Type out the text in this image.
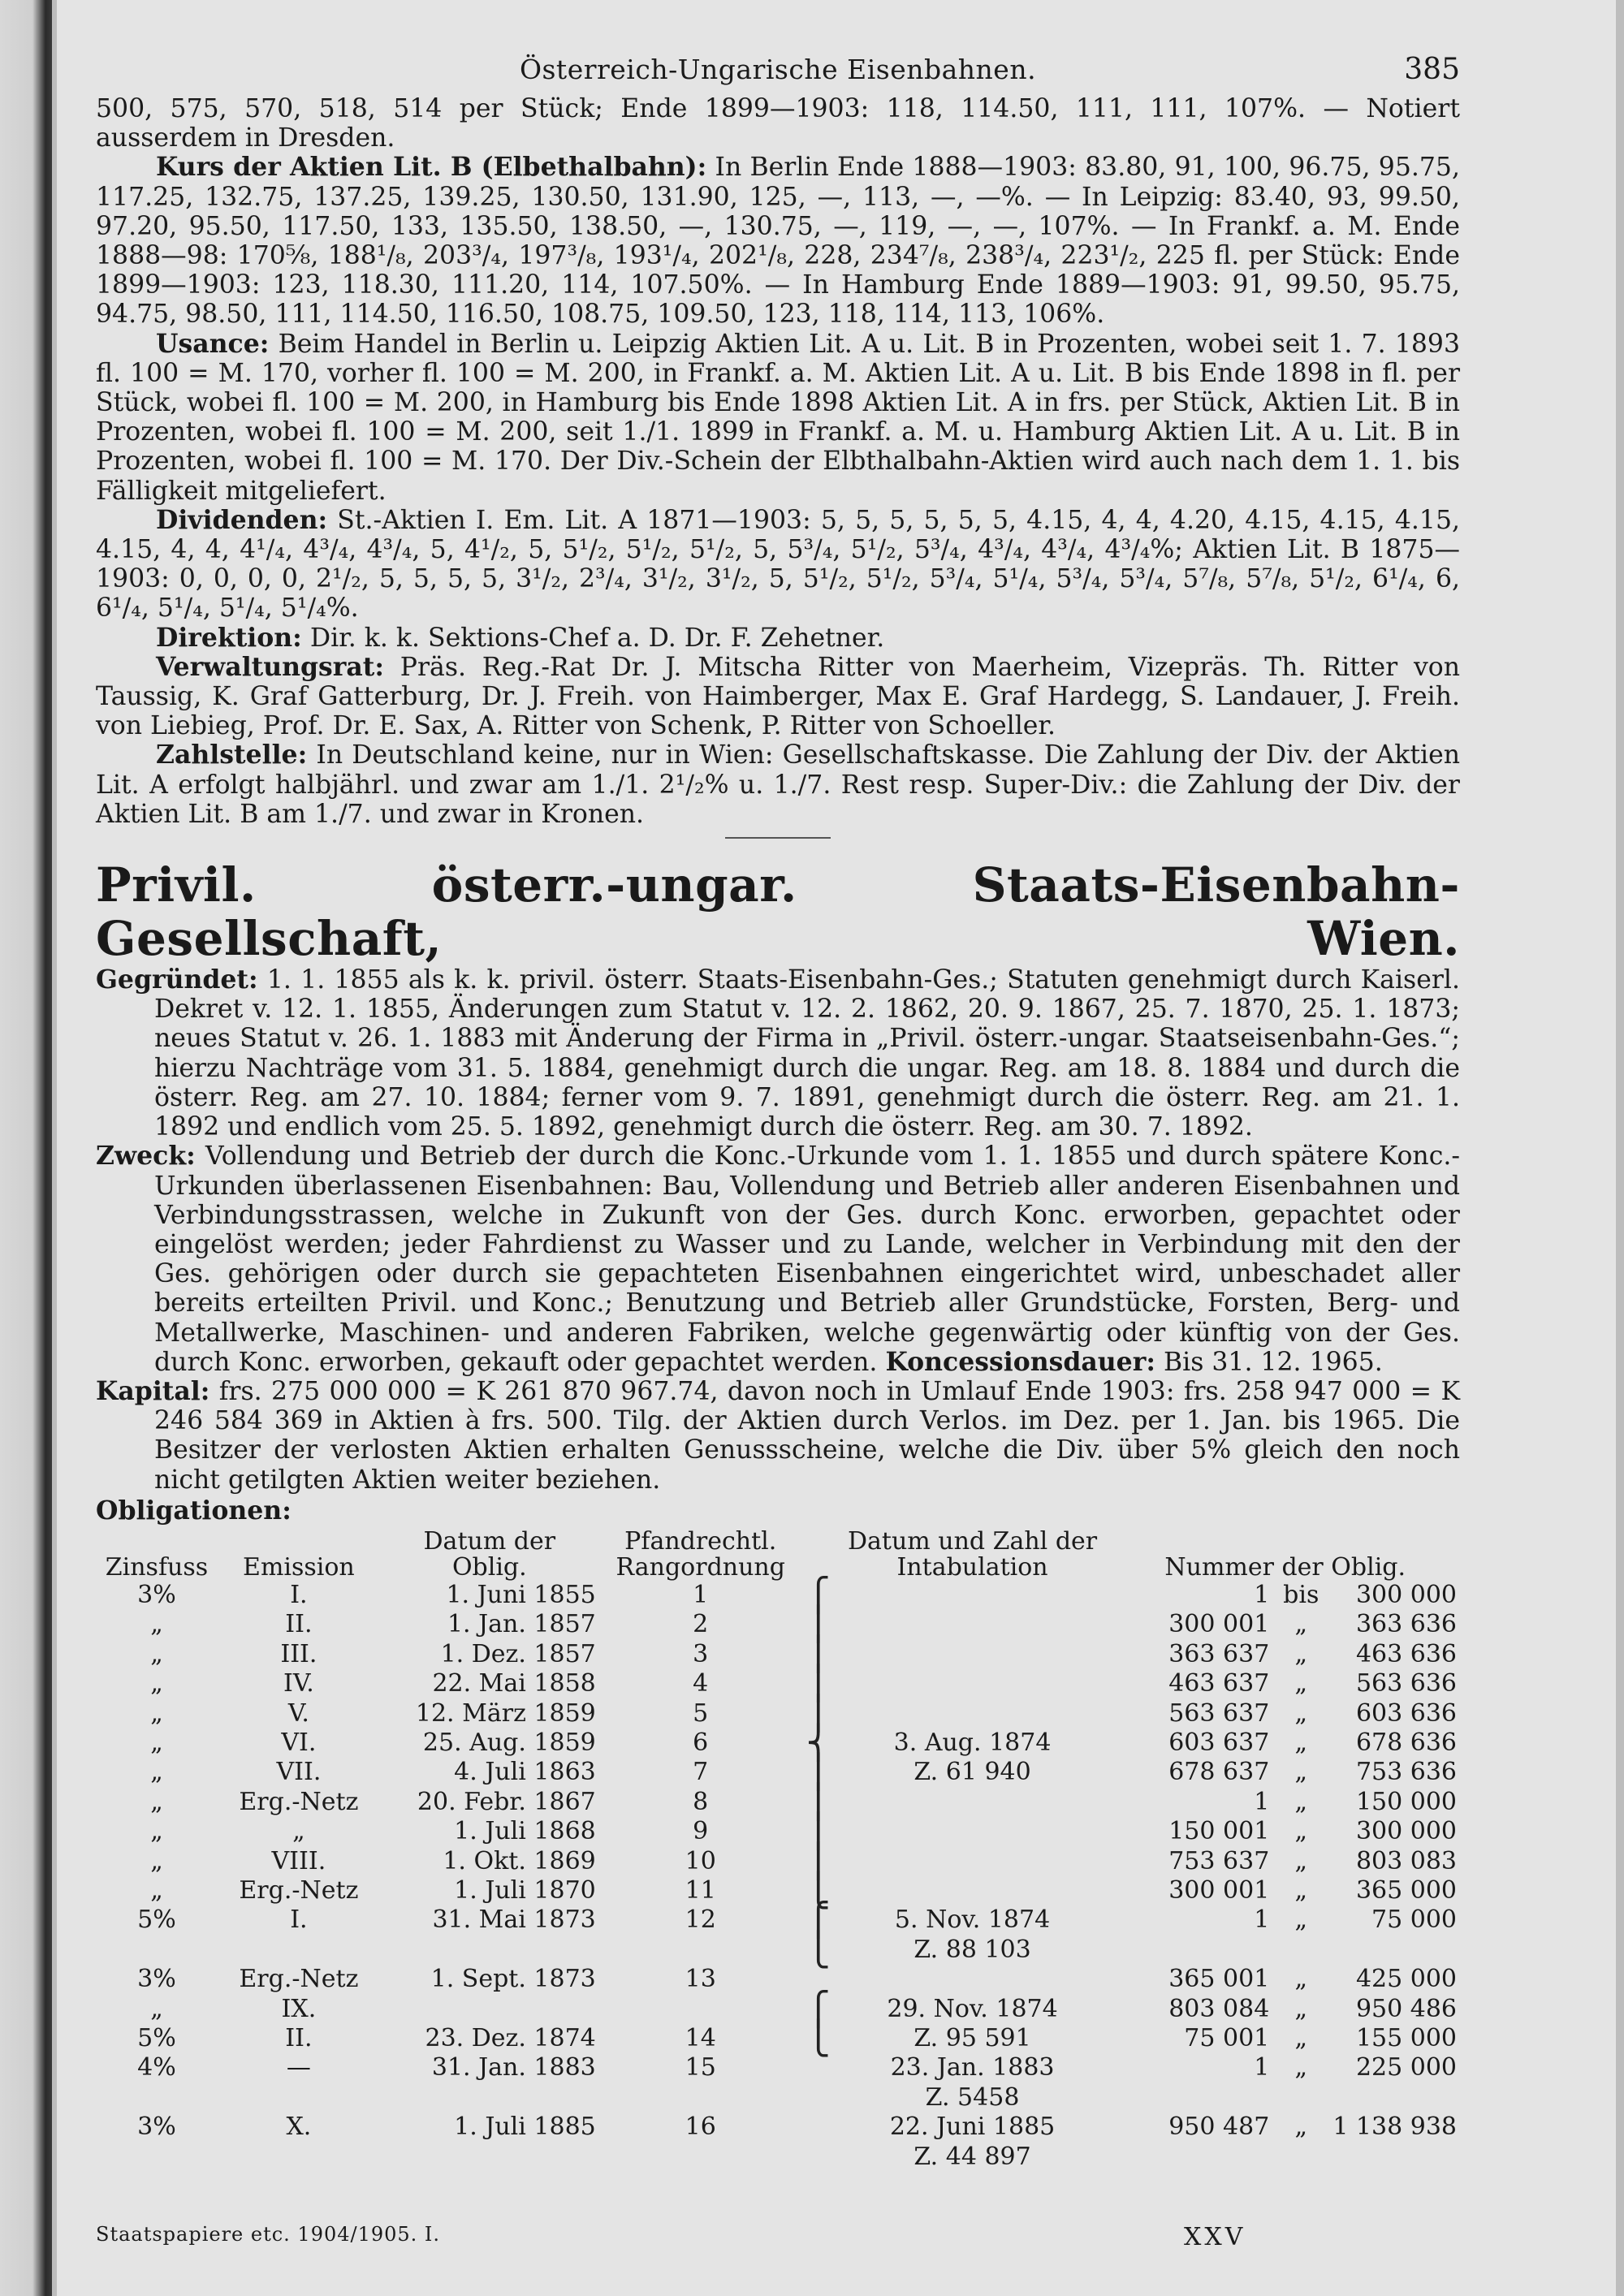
Österreich-Ungarische Eisenbahnen.	385

500, 575, 570, 518, 514 per Stück; Ende 1899—1903: 118, 114.50, 111, 111, 107%. — Notiert ausserdem in Dresden.

Kurs der Aktien Lit. B (Elbethalbahn): In Berlin Ende 1888—1903: 83.80, 91, 100, 96.75, 95.75, 117.25, 132.75, 137.25, 139.25, 130.50, 131.90, 125, —, 113, —, —%. — In Leipzig: 83.40, 93, 99.50, 97.20, 95.50, 117.50, 133, 135.50, 138.50, —, 130.75, —, 119, —, —, 107%. — In Frankf. a. M. Ende 1888—98: 170⅝, 188¹/₈, 203³/₄, 197³/₈, 193¹/₄, 202¹/₈, 228, 234⁷/₈, 238³/₄, 223¹/₂, 225 fl. per Stück: Ende 1899—1903: 123, 118.30, 111.20, 114, 107.50%. — In Hamburg Ende 1889—1903: 91, 99.50, 95.75, 94.75, 98.50, 111, 114.50, 116.50, 108.75, 109.50, 123, 118, 114, 113, 106%.

Usance: Beim Handel in Berlin u. Leipzig Aktien Lit. A u. Lit. B in Prozenten, wobei seit 1. 7. 1893 fl. 100 = M. 170, vorher fl. 100 = M. 200, in Frankf. a. M. Aktien Lit. A u. Lit. B bis Ende 1898 in fl. per Stück, wobei fl. 100 = M. 200, in Hamburg bis Ende 1898 Aktien Lit. A in frs. per Stück, Aktien Lit. B in Prozenten, wobei fl. 100 = M. 200, seit 1./1. 1899 in Frankf. a. M. u. Hamburg Aktien Lit. A u. Lit. B in Prozenten, wobei fl. 100 = M. 170. Der Div.-Schein der Elbthalbahn-Aktien wird auch nach dem 1. 1. bis Fälligkeit mitgeliefert.

Dividenden: St.-Aktien I. Em. Lit. A 1871—1903: 5, 5, 5, 5, 5, 5, 4.15, 4, 4, 4.20, 4.15, 4.15, 4.15, 4.15, 4, 4, 4¹/₄, 4³/₄, 4³/₄, 5, 4¹/₂, 5, 5¹/₂, 5¹/₂, 5¹/₂, 5, 5³/₄, 5¹/₂, 5³/₄, 4³/₄, 4³/₄, 4³/₄%; Aktien Lit. B 1875—1903: 0, 0, 0, 0, 2¹/₂, 5, 5, 5, 5, 3¹/₂, 2³/₄, 3¹/₂, 3¹/₂, 5, 5¹/₂, 5¹/₂, 5³/₄, 5¹/₄, 5³/₄, 5³/₄, 5⁷/₈, 5⁷/₈, 5¹/₂, 6¹/₄, 6, 6¹/₄, 5¹/₄, 5¹/₄, 5¹/₄%.

Direktion: Dir. k. k. Sektions-Chef a. D. Dr. F. Zehetner.

Verwaltungsrat: Präs. Reg.-Rat Dr. J. Mitscha Ritter von Maerheim, Vizepräs. Th. Ritter von Taussig, K. Graf Gatterburg, Dr. J. Freih. von Haimberger, Max E. Graf Hardegg, S. Landauer, J. Freih. von Liebieg, Prof. Dr. E. Sax, A. Ritter von Schenk, P. Ritter von Schoeller.

Zahlstelle: In Deutschland keine, nur in Wien: Gesellschaftskasse. Die Zahlung der Div. der Aktien Lit. A erfolgt halbjährl. und zwar am 1./1. 2¹/₂% u. 1./7. Rest resp. Super-Div.: die Zahlung der Div. der Aktien Lit. B am 1./7. und zwar in Kronen.

Privil. österr.-ungar. Staats-Eisenbahn-Gesellschaft, Wien.

Gegründet: 1. 1. 1855 als k. k. privil. österr. Staats-Eisenbahn-Ges.; Statuten genehmigt durch Kaiserl. Dekret v. 12. 1. 1855, Änderungen zum Statut v. 12. 2. 1862, 20. 9. 1867, 25. 7. 1870, 25. 1. 1873; neues Statut v. 26. 1. 1883 mit Änderung der Firma in „Privil. österr.-ungar. Staatseisenbahn-Ges.“; hierzu Nachträge vom 31. 5. 1884, genehmigt durch die ungar. Reg. am 18. 8. 1884 und durch die österr. Reg. am 27. 10. 1884; ferner vom 9. 7. 1891, genehmigt durch die österr. Reg. am 21. 1. 1892 und endlich vom 25. 5. 1892, genehmigt durch die österr. Reg. am 30. 7. 1892.

Zweck: Vollendung und Betrieb der durch die Konc.-Urkunde vom 1. 1. 1855 und durch spätere Konc.-Urkunden überlassenen Eisenbahnen: Bau, Vollendung und Betrieb aller anderen Eisenbahnen und Verbindungsstrassen, welche in Zukunft von der Ges. durch Konc. erworben, gepachtet oder eingelöst werden; jeder Fahrdienst zu Wasser und zu Lande, welcher in Verbindung mit den der Ges. gehörigen oder durch sie gepachteten Eisenbahnen eingerichtet wird, unbeschadet aller bereits erteilten Privil. und Konc.; Benutzung und Betrieb aller Grundstücke, Forsten, Berg- und Metallwerke, Maschinen- und anderen Fabriken, welche gegenwärtig oder künftig von der Ges. durch Konc. erworben, gekauft oder gepachtet werden. Koncessionsdauer: Bis 31. 12. 1965.

Kapital: frs. 275 000 000 = K 261 870 967.74, davon noch in Umlauf Ende 1903: frs. 258 947 000 = K 246 584 369 in Aktien à frs. 500. Tilg. der Aktien durch Verlos. im Dez. per 1. Jan. bis 1965. Die Besitzer der verlosten Aktien erhalten Genussscheine, welche die Div. über 5% gleich den noch nicht getilgten Aktien weiter beziehen.

Obligationen:

Zinsfuss	Emission	Datum der Oblig.	Pfandrechtl. Rangordnung		Datum und Zahl der Intabulation	Nummer der Oblig.		
3%	I.	1. Juni 1855	1	⎧		1	bis	300 000
„	II.	1. Jan. 1857	2	⎪		300 001	„	363 636
„	III.	1. Dez. 1857	3	⎪		363 637	„	463 636
„	IV.	22. Mai 1858	4	⎪		463 637	„	563 636
„	V.	12. März 1859	5	⎪		563 637	„	603 636
„	VI.	25. Aug. 1859	6	⎨	3. Aug. 1874	603 637	„	678 636
„	VII.	4. Juli 1863	7	⎪	Z. 61 940	678 637	„	753 636
„	Erg.-Netz	20. Febr. 1867	8	⎪		1	„	150 000
„	„	1. Juli 1868	9	⎪		150 001	„	300 000
„	VIII.	1. Okt. 1869	10	⎪		753 637	„	803 083
„	Erg.-Netz	1. Juli 1870	11	⎩		300 001	„	365 000
5%	I.	31. Mai 1873	12	⎧	5. Nov. 1874	1	„	75 000
				⎩	Z. 88 103			
3%	Erg.-Netz	1. Sept. 1873	13			365 001	„	425 000
„	IX.			⎧	29. Nov. 1874	803 084	„	950 486
5%	II.	23. Dez. 1874	14	⎩	Z. 95 591	75 001	„	155 000
4%	—	31. Jan. 1883	15		23. Jan. 1883	1	„	225 000
					Z. 5458			
3%	X.	1. Juli 1885	16		22. Juni 1885	950 487	„	1 138 938
					Z. 44 897			
Staatspapiere etc. 1904/1905. I.	XXV
